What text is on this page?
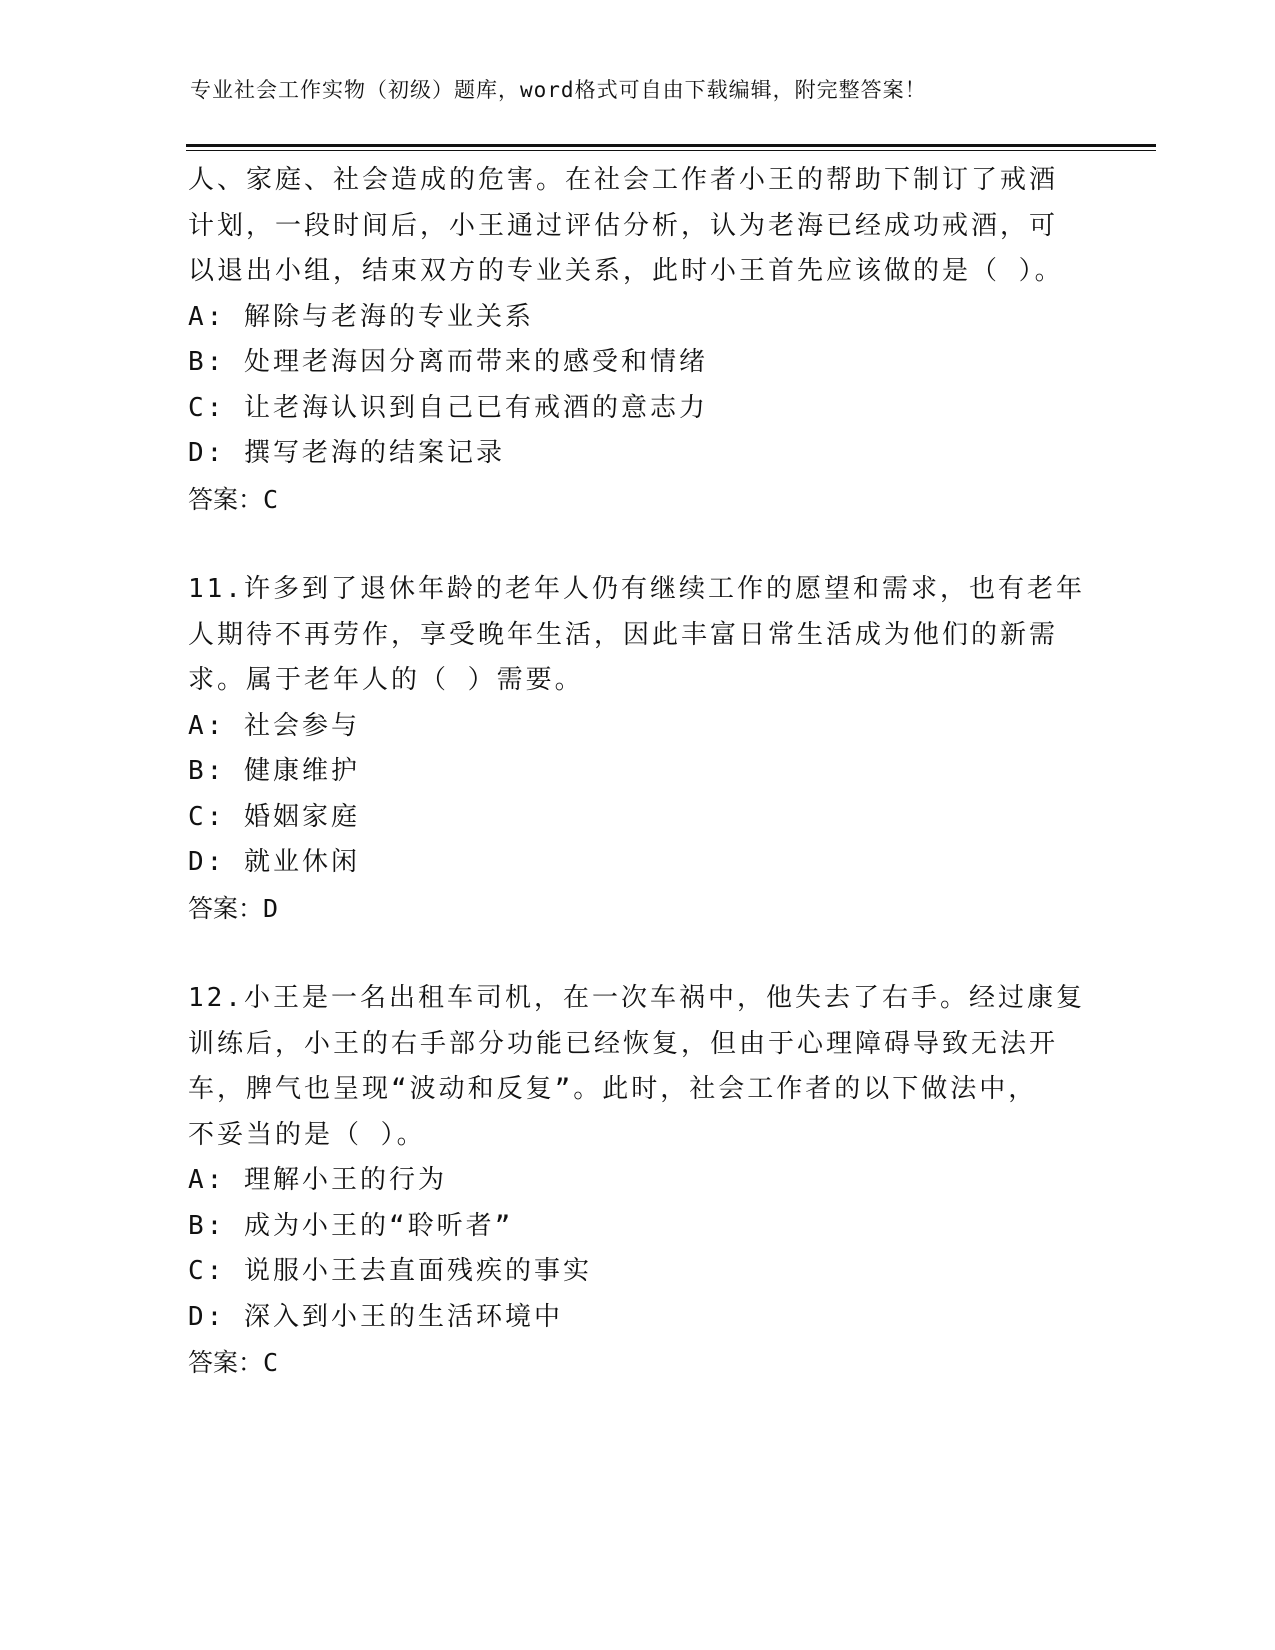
专业社会工作实物（初级）题库，word格式可自由下载编辑，附完整答案！
人、家庭、社会造成的危害。在社会工作者小王的帮助下制订了戒酒
计划，一段时间后，小王通过评估分析，认为老海已经成功戒酒，可
以退出小组，结束双方的专业关系，此时小王首先应该做的是（ ）。
A: 解除与老海的专业关系
B: 处理老海因分离而带来的感受和情绪
C: 让老海认识到自己已有戒酒的意志力
D: 撰写老海的结案记录
答案：C
11.许多到了退休年龄的老年人仍有继续工作的愿望和需求，也有老年
人期待不再劳作，享受晚年生活，因此丰富日常生活成为他们的新需
求。属于老年人的（ ）需要。
A: 社会参与
B: 健康维护
C: 婚姻家庭
D: 就业休闲
答案：D
12.小王是一名出租车司机，在一次车祸中，他失去了右手。经过康复
训练后，小王的右手部分功能已经恢复，但由于心理障碍导致无法开
车，脾气也呈现“波动和反复”。此时，社会工作者的以下做法中，
不妥当的是（ ）。
A: 理解小王的行为
B: 成为小王的“聆听者”
C: 说服小王去直面残疾的事实
D: 深入到小王的生活环境中
答案：C
